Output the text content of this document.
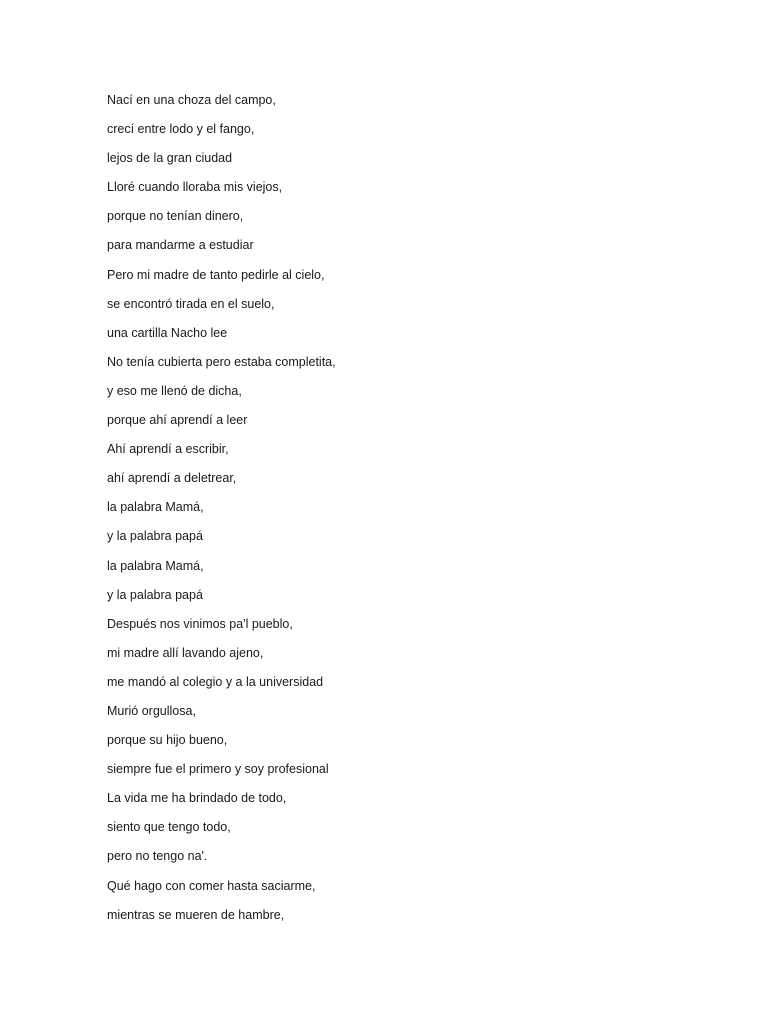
Nací en una choza del campo,
crecí entre lodo y el fango,
lejos de la gran ciudad
Lloré cuando lloraba mis viejos,
porque no tenían dinero,
para mandarme a estudiar
Pero mi madre de tanto pedirle al cielo,
se encontró tirada en el suelo,
una cartilla Nacho lee
No tenía cubierta pero estaba completita,
y eso me llenó de dicha,
porque ahí aprendí a leer
Ahí aprendí a escribir,
ahí aprendí a deletrear,
la palabra Mamá,
y la palabra papá
la palabra Mamá,
y la palabra papá
Después nos vinimos pa'l pueblo,
mi madre allí lavando ajeno,
me mandó al colegio y a la universidad
Murió orgullosa,
porque su hijo bueno,
siempre fue el primero y soy profesional
La vida me ha brindado de todo,
siento que tengo todo,
pero no tengo na'.
Qué hago con comer hasta saciarme,
mientras se mueren de hambre,
